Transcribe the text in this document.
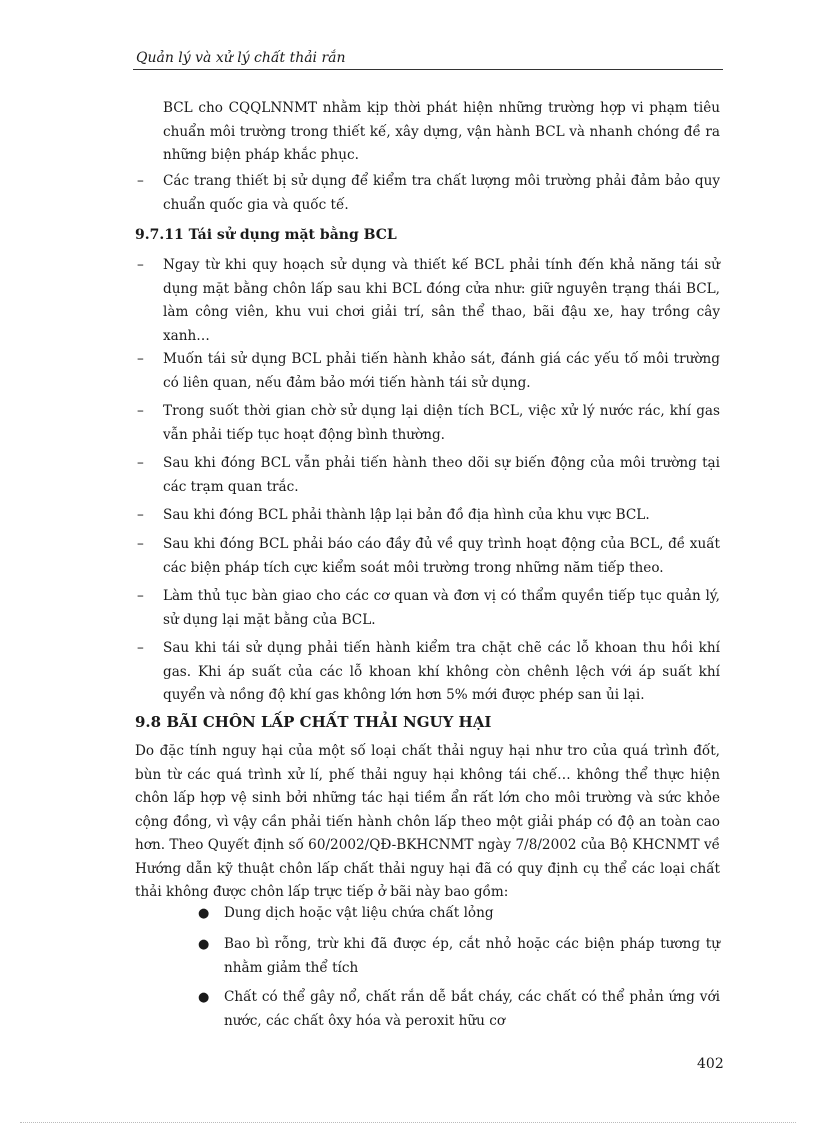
Quản lý và xử lý chất thải rắn

BCL cho CQQLNNMT nhằm kịp thời phát hiện những trường hợp vi phạm tiêu chuẩn môi trường trong thiết kế, xây dựng, vận hành BCL và nhanh chóng đề ra những biện pháp khắc phục.

– Các trang thiết bị sử dụng để kiểm tra chất lượng môi trường phải đảm bảo quy chuẩn quốc gia và quốc tế.

9.7.11 Tái sử dụng mặt bằng BCL
– Ngay từ khi quy hoạch sử dụng và thiết kế BCL phải tính đến khả năng tái sử dụng mặt bằng chôn lấp sau khi BCL đóng cửa như: giữ nguyên trạng thái BCL, làm công viên, khu vui chơi giải trí, sân thể thao, bãi đậu xe, hay trồng cây xanh…

– Muốn tái sử dụng BCL phải tiến hành khảo sát, đánh giá các yếu tố môi trường có liên quan, nếu đảm bảo mới tiến hành tái sử dụng.

– Trong suốt thời gian chờ sử dụng lại diện tích BCL, việc xử lý nước rác, khí gas vẫn phải tiếp tục hoạt động bình thường.

– Sau khi đóng BCL vẫn phải tiến hành theo dõi sự biến động của môi trường tại các trạm quan trắc.

– Sau khi đóng BCL phải thành lập lại bản đồ địa hình của khu vực BCL.

– Sau khi đóng BCL phải báo cáo đầy đủ về quy trình hoạt động của BCL, đề xuất các biện pháp tích cực kiểm soát môi trường trong những năm tiếp theo.

– Làm thủ tục bàn giao cho các cơ quan và đơn vị có thẩm quyền tiếp tục quản lý, sử dụng lại mặt bằng của BCL.

– Sau khi tái sử dụng phải tiến hành kiểm tra chặt chẽ các lỗ khoan thu hồi khí gas. Khi áp suất của các lỗ khoan khí không còn chênh lệch với áp suất khí quyển và nồng độ khí gas không lớn hơn 5% mới được phép san ủi lại.

9.8 BÃI CHÔN LẤP CHẤT THẢI NGUY HẠI

Do đặc tính nguy hại của một số loại chất thải nguy hại như tro của quá trình đốt, bùn từ các quá trình xử lí, phế thải nguy hại không tái chế… không thể thực hiện chôn lấp hợp vệ sinh bởi những tác hại tiềm ẩn rất lớn cho môi trường và sức khỏe cộng đồng, vì vậy cần phải tiến hành chôn lấp theo một giải pháp có độ an toàn cao hơn. Theo Quyết định số 60/2002/QĐ-BKHCNMT ngày 7/8/2002 của Bộ KHCNMT về Hướng dẫn kỹ thuật chôn lấp chất thải nguy hại đã có quy định cụ thể các loại chất thải không được chôn lấp trực tiếp ở bãi này bao gồm:

● Dung dịch hoặc vật liệu chứa chất lỏng

● Bao bì rỗng, trừ khi đã được ép, cắt nhỏ hoặc các biện pháp tương tự nhằm giảm thể tích

● Chất có thể gây nổ, chất rắn dễ bắt cháy, các chất có thể phản ứng với nước, các chất ôxy hóa và peroxit hữu cơ

402
